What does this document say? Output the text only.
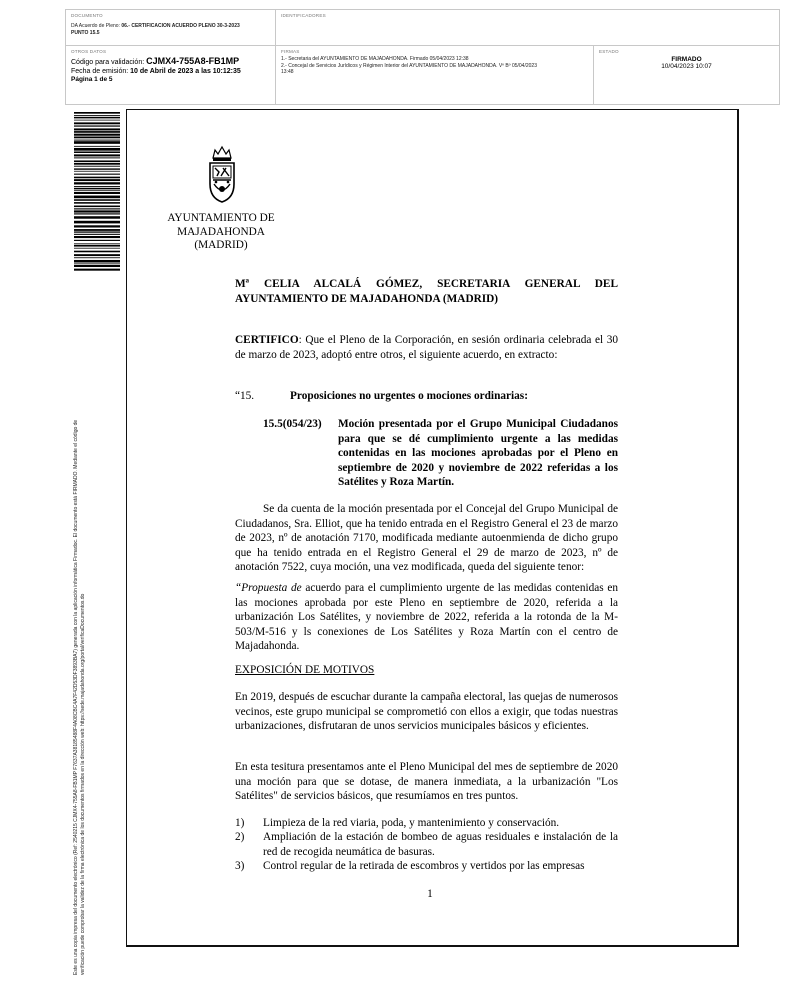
DOCUMENTO
DA Acuerdo de Pleno: 06.- CERTIFICACION ACUERDO PLENO 30-3-2023
PUNTO 15.5
IDENTIFICADORES
OTROS DATOS
Código para validación: CJMX4-755A8-FB1MP
Fecha de emisión: 10 de Abril de 2023 a las 10:12:35
Página 1 de 5
FIRMAS
1.- Secretaria del AYUNTAMIENTO DE MAJADAHONDA. Firmado 05/04/2023 12:38
2.- Concejal de Servicios Jurídicos y Régimen Interior del AYUNTAMIENTO DE MAJADAHONDA. Vº Bº 05/04/2023
13:48
ESTADO
FIRMADO
10/04/2023 10:07
Este es una copia impresa del documento electrónico (Ref: 2540215 CJMX4-755A8-FB1MP F7637A38185488F4A08CBC4A7F42D53DF3893BA7) generada con la aplicación informática Firmadoc. El documento está FIRMADO. Mediante el código de verificación puede comprobar la validez de la firma electrónica de los documentos firmados en la dirección web: https://sede.majadahonda.org/portal/verificaDocumentos.do
AYUNTAMIENTO DE
MAJADAHONDA
(MADRID)
Mª CELIA ALCALÁ GÓMEZ, SECRETARIA GENERAL DEL AYUNTAMIENTO DE MAJADAHONDA (MADRID)
CERTIFICO: Que el Pleno de la Corporación, en sesión ordinaria celebrada el 30 de marzo de 2023, adoptó entre otros, el siguiente acuerdo, en extracto:
“15.	Proposiciones no urgentes o mociones ordinarias:
15.5(054/23) Moción presentada por el Grupo Municipal Ciudadanos para que se dé cumplimiento urgente a las medidas contenidas en las mociones aprobadas por el Pleno en septiembre de 2020 y noviembre de 2022 referidas a los Satélites y Roza Martín.
Se da cuenta de la moción presentada por el Concejal del Grupo Municipal de Ciudadanos, Sra. Elliot, que ha tenido entrada en el Registro General el 23 de marzo de 2023, nº de anotación 7170, modificada mediante autoenmienda de dicho grupo que ha tenido entrada en el Registro General el 29 de marzo de 2023, nº de anotación 7522, cuya moción, una vez modificada, queda del siguiente tenor:
“Propuesta de acuerdo para el cumplimiento urgente de las medidas contenidas en las mociones aprobada por este Pleno en septiembre de 2020, referida a la urbanización Los Satélites, y noviembre de 2022, referida a la rotonda de la M-503/M-516 y ls conexiones de Los Satélites y Roza Martín con el centro de Majadahonda.
EXPOSICIÓN DE MOTIVOS
En 2019, después de escuchar durante la campaña electoral, las quejas de numerosos vecinos, este grupo municipal se comprometió con ellos a exigir, que todas nuestras urbanizaciones, disfrutaran de unos servicios municipales básicos y eficientes.
En esta tesitura presentamos ante el Pleno Municipal del mes de septiembre de 2020 una moción para que se dotase, de manera inmediata, a la urbanización "Los Satélites" de servicios básicos, que resumíamos en tres puntos.
1) Limpieza de la red viaria, poda, y mantenimiento y conservación.
2) Ampliación de la estación de bombeo de aguas residuales e instalación de la red de recogida neumática de basuras.
3) Control regular de la retirada de escombros y vertidos por las empresas
1
